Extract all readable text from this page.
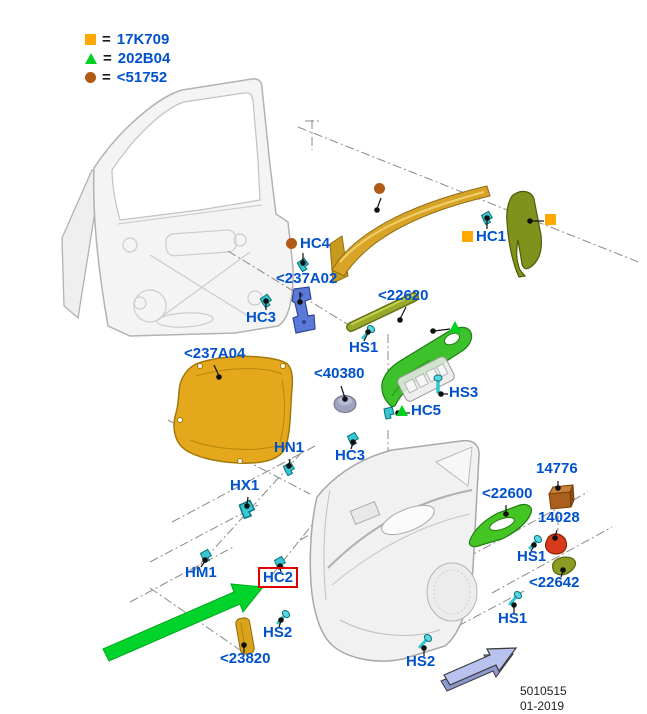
= 17K709
= 202B04
= <51752
HC4
<237A02
HC3
<22620
HC1
HS1
<237A04
<40380
HS3
HC5
HN1 HC3
HX1
HM1	HC2
<23820
HS2
HS2
HS1
14776
<22600
14028
HS1
<22642
5010515
01-2019
